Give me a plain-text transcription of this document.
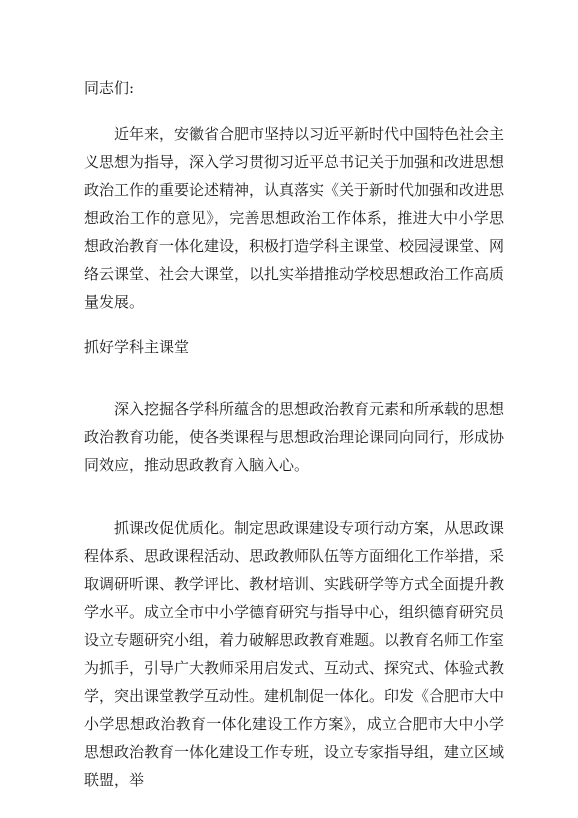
同志们:

近年来，安徽省合肥市坚持以习近平新时代中国特色社会主义思想为指导，深入学习贯彻习近平总书记关于加强和改进思想政治工作的重要论述精神，认真落实《关于新时代加强和改进思想政治工作的意见》，完善思想政治工作体系，推进大中小学思想政治教育一体化建设，积极打造学科主课堂、校园浸课堂、网络云课堂、社会大课堂，以扎实举措推动学校思想政治工作高质量发展。

抓好学科主课堂

深入挖掘各学科所蕴含的思想政治教育元素和所承载的思想政治教育功能，使各类课程与思想政治理论课同向同行，形成协同效应，推动思政教育入脑入心。

抓课改促优质化。制定思政课建设专项行动方案，从思政课程体系、思政课程活动、思政教师队伍等方面细化工作举措，采取调研听课、教学评比、教材培训、实践研学等方式全面提升教学水平。成立全市中小学德育研究与指导中心，组织德育研究员设立专题研究小组，着力破解思政教育难题。以教育名师工作室为抓手，引导广大教师采用启发式、互动式、探究式、体验式教学，突出课堂教学互动性。建机制促一体化。印发《合肥市大中小学思想政治教育一体化建设工作方案》，成立合肥市大中小学思想政治教育一体化建设工作专班，设立专家指导组，建立区域联盟，举
